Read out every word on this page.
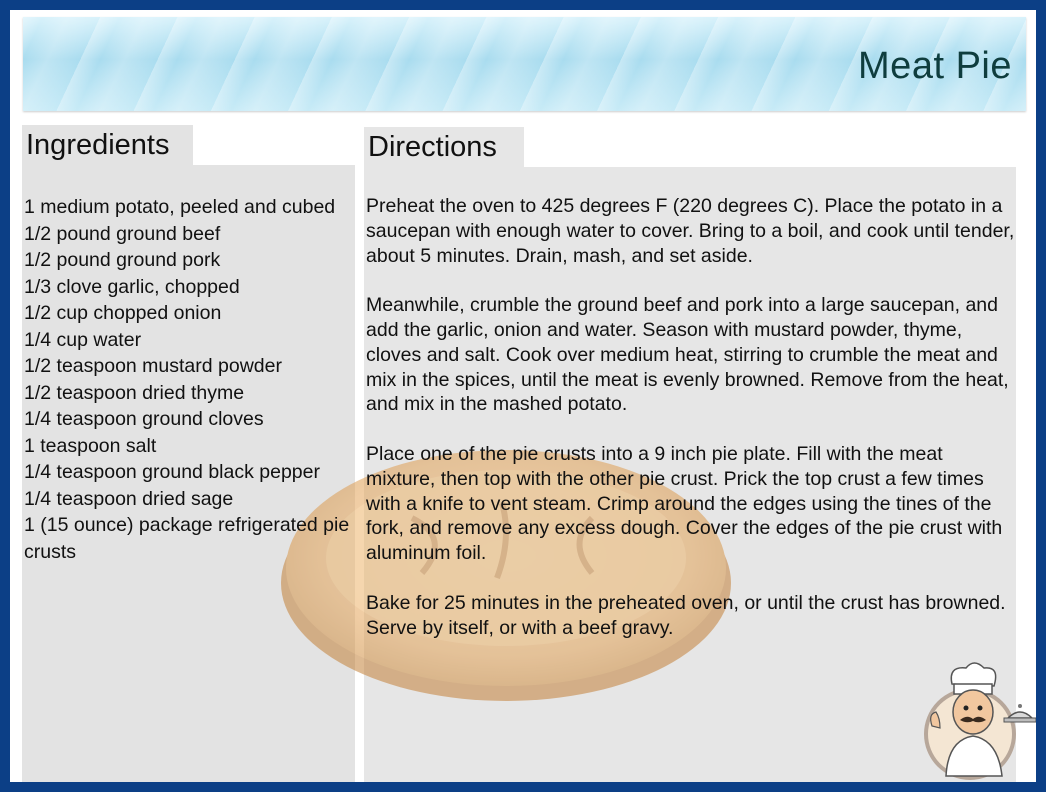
Meat Pie
Ingredients	Directions
1 medium potato, peeled and cubed
1/2 pound ground beef
1/2 pound ground pork
1/3 clove garlic, chopped
1/2 cup chopped onion
1/4 cup water
1/2 teaspoon mustard powder
1/2 teaspoon dried thyme
1/4 teaspoon ground cloves
1 teaspoon salt
1/4 teaspoon ground black pepper
1/4 teaspoon dried sage
1 (15 ounce) package refrigerated pie crusts

Preheat the oven to 425 degrees F (220 degrees C). Place the potato in a saucepan with enough water to cover. Bring to a boil, and cook until tender, about 5 minutes. Drain, mash, and set aside.

Meanwhile, crumble the ground beef and pork into a large saucepan, and add the garlic, onion and water. Season with mustard powder, thyme, cloves and salt. Cook over medium heat, stirring to crumble the meat and mix in the spices, until the meat is evenly browned. Remove from the heat, and mix in the mashed potato.

Place one of the pie crusts into a 9 inch pie plate. Fill with the meat mixture, then top with the other pie crust. Prick the top crust a few times with a knife to vent steam. Crimp around the edges using the tines of the fork, and remove any excess dough. Cover the edges of the pie crust with aluminum foil.

Bake for 25 minutes in the preheated oven, or until the crust has browned. Serve by itself, or with a beef gravy.
